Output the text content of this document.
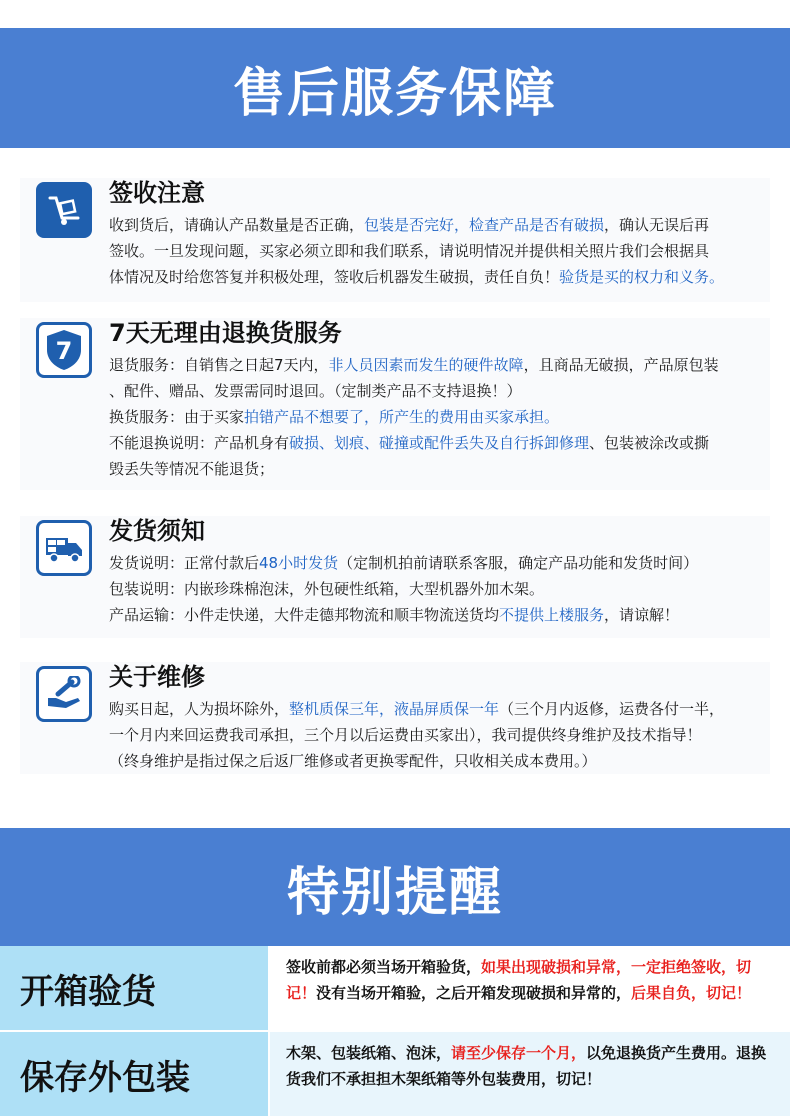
售后服务保障
签收注意

收到货后，请确认产品数量是否正确，包装是否完好，检查产品是否有破损，确认无误后再

签收。一旦发现问题，买家必须立即和我们联系，请说明情况并提供相关照片我们会根据具

体情况及时给您答复并积极处理，签收后机器发生破损，责任自负！验货是买的权力和义务。

7
7天无理由退换货服务

退货服务：自销售之日起7天内，非人员因素而发生的硬件故障，且商品无破损，产品原包装

、配件、赠品、发票需同时退回。（定制类产品不支持退换！）

换货服务：由于买家拍错产品不想要了，所产生的费用由买家承担。

不能退换说明：产品机身有破损、划痕、碰撞或配件丢失及自行拆卸修理、包装被涂改或撕

毁丢失等情况不能退货；

发货须知

发货说明：正常付款后48小时发货（定制机拍前请联系客服，确定产品功能和发货时间）

包装说明：内嵌珍珠棉泡沫，外包硬性纸箱，大型机器外加木架。

产品运输：小件走快递，大件走德邦物流和顺丰物流送货均不提供上楼服务，请谅解！

关于维修

购买日起，人为损坏除外，整机质保三年，液晶屏质保一年（三个月内返修，运费各付一半，

一个月内来回运费我司承担，三个月以后运费由买家出），我司提供终身维护及技术指导！

（终身维护是指过保之后返厂维修或者更换零配件，只收相关成本费用。）

特别提醒
开箱验货
签收前都必须当场开箱验货，如果出现破损和异常，一定拒绝签收，切记！没有当场开箱验，之后开箱发现破损和异常的，后果自负，切记！
保存外包装
木架、包装纸箱、泡沫，请至少保存一个月，以免退换货产生费用。退换货我们不承担担木架纸箱等外包装费用，切记！
